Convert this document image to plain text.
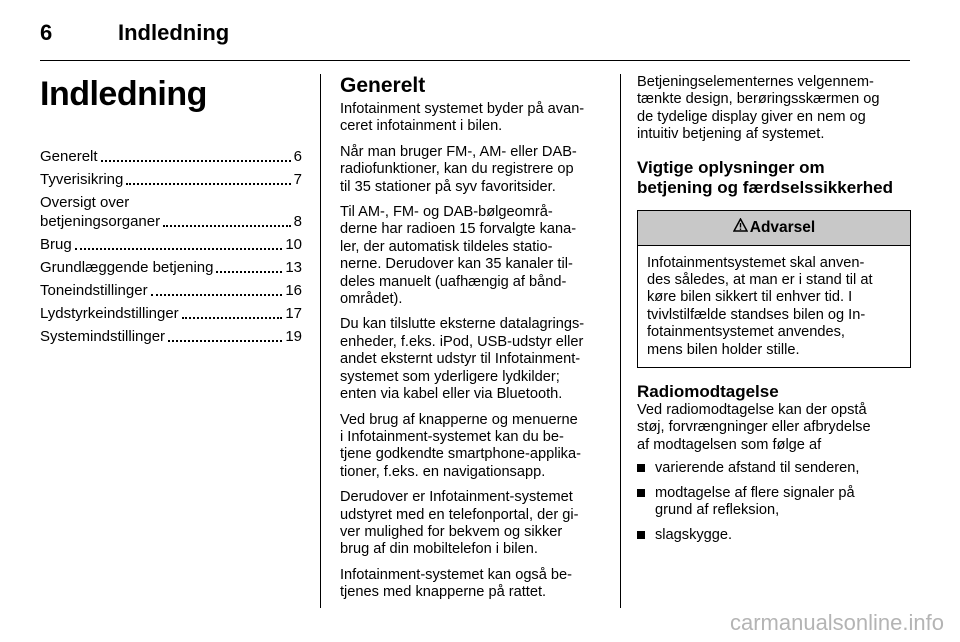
6	Indledning
Indledning
Generelt	6
Tyverisikring	7
Oversigt over
betjeningsorganer	8
Brug	10
Grundlæggende betjening	13
Toneindstillinger	16
Lydstyrkeindstillinger	17
Systemindstillinger	19
Generelt

Infotainment systemet byder på avan-
ceret infotainment i bilen.

Når man bruger FM-, AM- eller DAB-
radiofunktioner, kan du registrere op
til 35 stationer på syv favoritsider.

Til AM-, FM- og DAB-bølgeområ-
derne har radioen 15 forvalgte kana-
ler, der automatisk tildeles statio-
nerne. Derudover kan 35 kanaler til-
deles manuelt (uafhængig af bånd-
området).

Du kan tilslutte eksterne datalagrings-
enheder, f.eks. iPod, USB-udstyr eller
andet eksternt udstyr til Infotainment-
systemet som yderligere lydkilder;
enten via kabel eller via Bluetooth.

Ved brug af knapperne og menuerne
i Infotainment-systemet kan du be-
tjene godkendte smartphone-applika-
tioner, f.eks. en navigationsapp.

Derudover er Infotainment-systemet
udstyret med en telefonportal, der gi-
ver mulighed for bekvem og sikker
brug af din mobiltelefon i bilen.

Infotainment-systemet kan også be-
tjenes med knapperne på rattet.

Betjeningselementernes velgennem-
tænkte design, berøringsskærmen og
de tydelige display giver en nem og
intuitiv betjening af systemet.

Vigtige oplysninger om
betjening og færdselssikkerhed
Advarsel
Infotainmentsystemet skal anven-
des således, at man er i stand til at
køre bilen sikkert til enhver tid. I
tvivlstilfælde standses bilen og In-
fotainmentsystemet anvendes,
mens bilen holder stille.
Radiomodtagelse

Ved radiomodtagelse kan der opstå
støj, forvrængninger eller afbrydelse
af modtagelsen som følge af

varierende afstand til senderen,
modtagelse af flere signaler på
grund af refleksion,
slagskygge.
carmanualsonline.info
